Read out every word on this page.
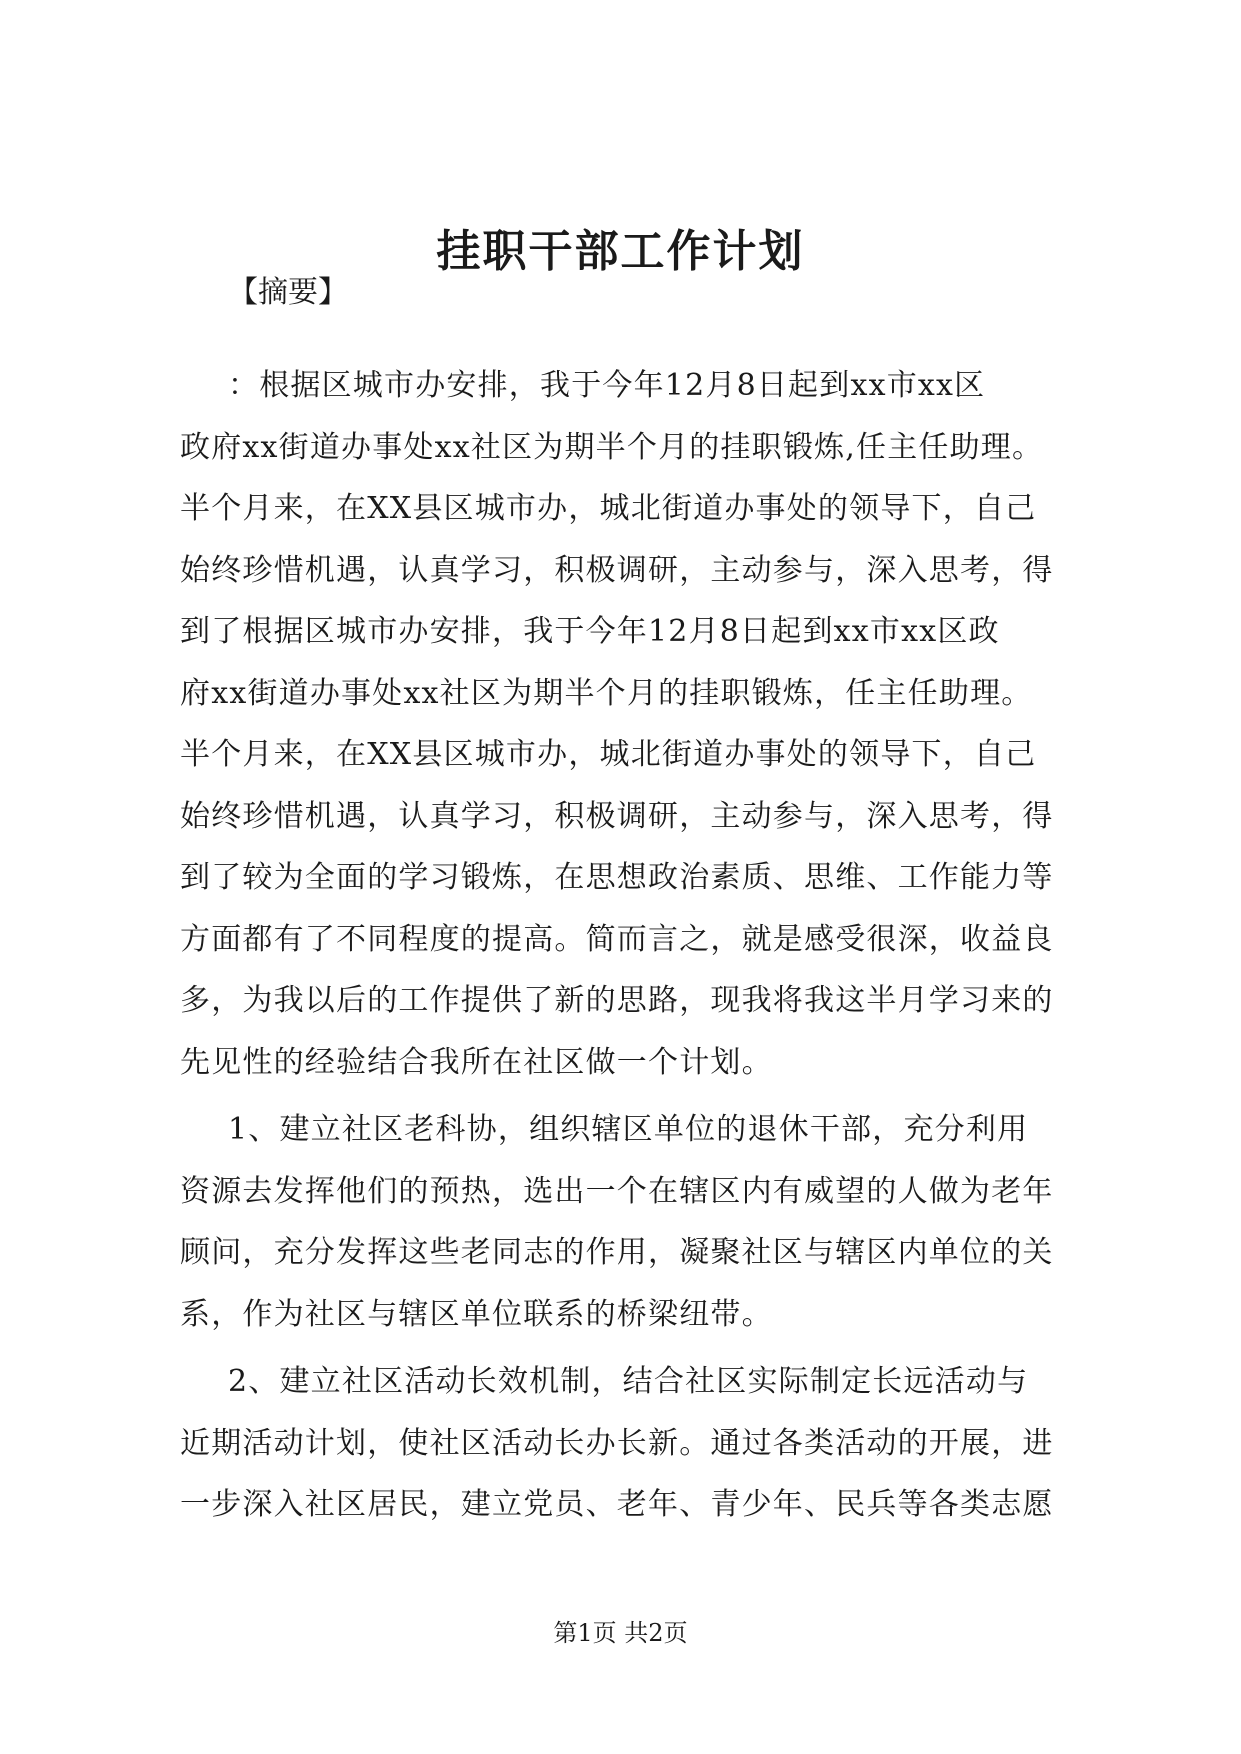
挂职干部工作计划
【摘要】
：根据区城市办安排，我于今年12月8日起到xx市xx区
政府xx街道办事处xx社区为期半个月的挂职锻炼,任主任助理。
半个月来，在XX县区城市办，城北街道办事处的领导下，自己
始终珍惜机遇，认真学习，积极调研，主动参与，深入思考，得
到了根据区城市办安排，我于今年12月8日起到xx市xx区政
府xx街道办事处xx社区为期半个月的挂职锻炼，任主任助理。
半个月来，在XX县区城市办，城北街道办事处的领导下，自己
始终珍惜机遇，认真学习，积极调研，主动参与，深入思考，得
到了较为全面的学习锻炼，在思想政治素质、思维、工作能力等
方面都有了不同程度的提高。简而言之，就是感受很深，收益良
多，为我以后的工作提供了新的思路，现我将我这半月学习来的
先见性的经验结合我所在社区做一个计划。
1、建立社区老科协，组织辖区单位的退休干部，充分利用
资源去发挥他们的预热，选出一个在辖区内有威望的人做为老年
顾问，充分发挥这些老同志的作用，凝聚社区与辖区内单位的关
系，作为社区与辖区单位联系的桥梁纽带。
2、建立社区活动长效机制，结合社区实际制定长远活动与
近期活动计划，使社区活动长办长新。通过各类活动的开展，进
一步深入社区居民，建立党员、老年、青少年、民兵等各类志愿
第1页 共2页
